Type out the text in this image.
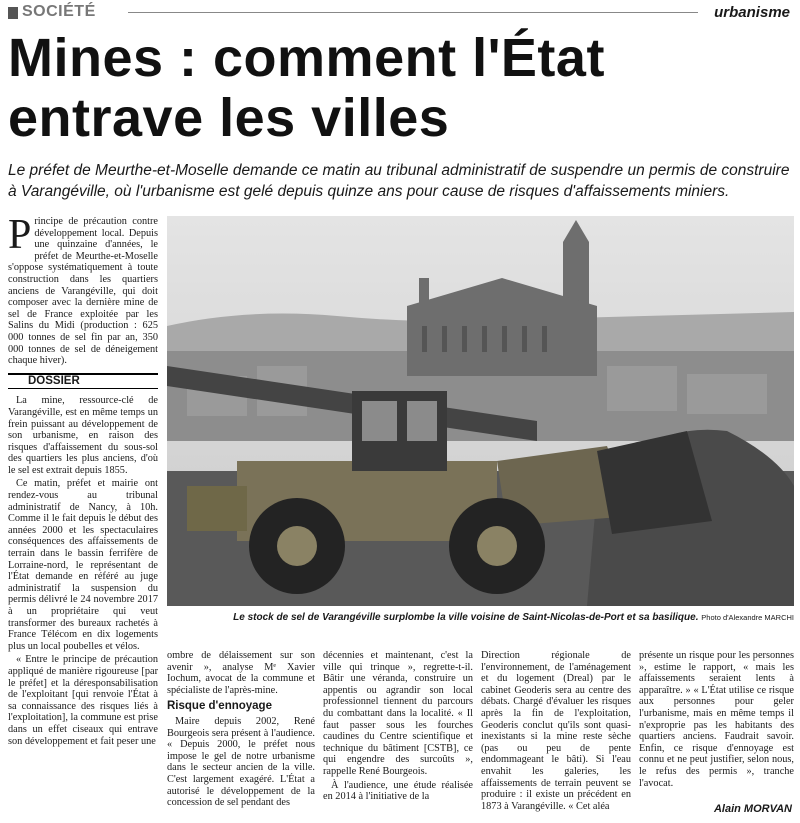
SOCIÉTÉ	urbanisme
Mines : comment l'État
entrave les villes
Le préfet de Meurthe-et-Moselle demande ce matin au tribunal administratif de suspendre un permis de construire à Varangéville, où l'urbanisme est gelé depuis quinze ans pour cause de risques d'affaissements miniers.

Principe de précaution contre développement local. Depuis une quinzaine d'années, le préfet de Meurthe-et-Moselle s'oppose systématiquement à toute construction dans les quartiers anciens de Varangéville, qui doit composer avec la dernière mine de sel de France exploitée par les Salins du Midi (production : 625 000 tonnes de sel fin par an, 350 000 tonnes de sel de déneigement chaque hiver).

DOSSIER

La mine, ressource-clé de Varangéville, est en même temps un frein puissant au développement de son urbanisme, en raison des risques d'affaissement du sous-sol des quartiers les plus anciens, d'où le sel est extrait depuis 1855.

Ce matin, préfet et mairie ont rendez-vous au tribunal administratif de Nancy, à 10h. Comme il le fait depuis le début des années 2000 et les spectaculaires conséquences des affaissements de terrain dans le bassin ferrifère de Lorraine-nord, le représentant de l'État demande en référé au juge administratif la suspension du permis délivré le 24 novembre 2017 à un propriétaire qui veut transformer des bureaux rachetés à France Télécom en dix logements plus un local poubelles et vélos.

« Entre le principe de précaution appliqué de manière rigoureuse [par le préfet] et la déresponsabilisation de l'exploitant [qui renvoie l'État à sa connaissance des risques liés à l'exploitation], la commune est prise dans un effet ciseaux qui entrave son développement et fait peser une

Le stock de sel de Varangéville surplombe la ville voisine de Saint-Nicolas-de-Port et sa basilique. Photo d'Alexandre MARCHI

ombre de délaissement sur son avenir », analyse Mᵉ Xavier Iochum, avocat de la commune et spécialiste de l'après-mine.

Risque d'ennoyage

Maire depuis 2002, René Bourgeois sera présent à l'audience. « Depuis 2000, le préfet nous impose le gel de notre urbanisme dans le secteur ancien de la ville. C'est largement exagéré. L'État a autorisé le développement de la concession de sel pendant des

décennies et maintenant, c'est la ville qui trinque », regrette-t-il. Bâtir une véranda, construire un appentis ou agrandir son local professionnel tiennent du parcours du combattant dans la localité. « Il faut passer sous les fourches caudines du Centre scientifique et technique du bâtiment [CSTB], ce qui engendre des surcoûts », rappelle René Bourgeois.

À l'audience, une étude réalisée en 2014 à l'initiative de la

Direction régionale de l'environnement, de l'aménagement et du logement (Dreal) par le cabinet Geoderis sera au centre des débats. Chargé d'évaluer les risques après la fin de l'exploitation, Geoderis conclut qu'ils sont quasi-inexistants si la mine reste sèche (pas ou peu de pente endommageant le bâti). Si l'eau envahit les galeries, les affaissements de terrain peuvent se produire : il existe un précédent en 1873 à Varangéville. « Cet aléa

présente un risque pour les personnes », estime le rapport, « mais les affaissements seraient lents à apparaître. » « L'État utilise ce risque aux personnes pour geler l'urbanisme, mais en même temps il n'exproprie pas les habitants des quartiers anciens. Faudrait savoir. Enfin, ce risque d'ennoyage est connu et ne peut justifier, selon nous, le refus des permis », tranche l'avocat.

Alain MORVAN
